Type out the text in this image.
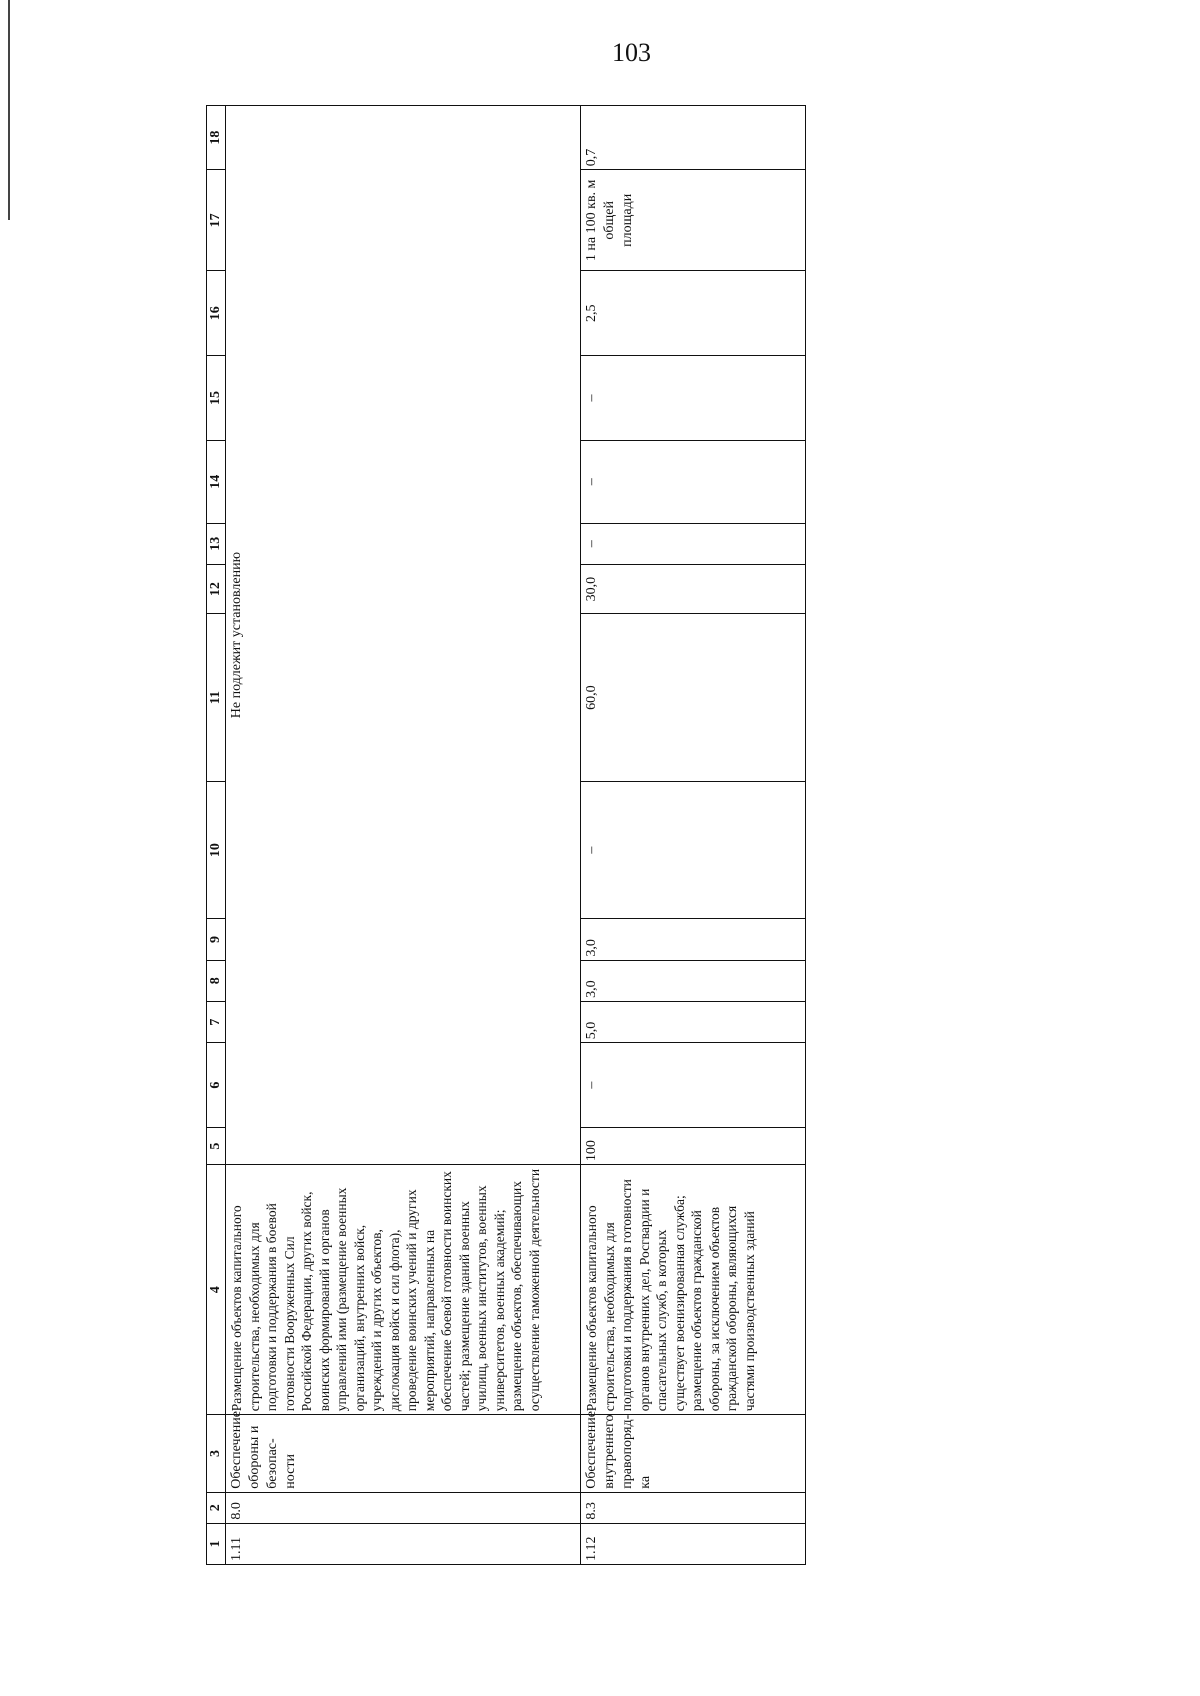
103
1	2	3	4	5	6	7	8	9	10	11	12	13	14	15	16	17	18
1.11	8.0	Обеспечение обороны и безопас-ности	Размещение объектов капитального строительства, необходимых для подготовки и поддержания в боевой готовности Вооруженных Сил Российской Федерации, других войск, воинских формирований и органов управлений ими (размещение военных организаций, внутренних войск, учреждений и других объектов, дислокация войск и сил флота), проведение воинских учений и других мероприятий, направленных на обеспечение боевой готовности воинских частей; размещение зданий военных училищ, военных институтов, военных университетов, военных академий; размещение объектов, обеспечивающих осуществление таможенной деятельности	Не подлежит установлению													
1.12	8.3	Обеспечение внутреннего правопоряд-ка	Размещение объектов капитального строительства, необходимых для подготовки и поддержания в готовности органов внутренних дел, Росгвардии и спасательных служб, в которых существует военизированная служба; размещение объектов гражданской обороны, за исключением объектов гражданской обороны, являющихся частями производственных зданий	100	–	5,0	3,0	3,0	–	60,0	30,0	–	–	–	2,5	1 на 100 кв. м общей площади	0,7
